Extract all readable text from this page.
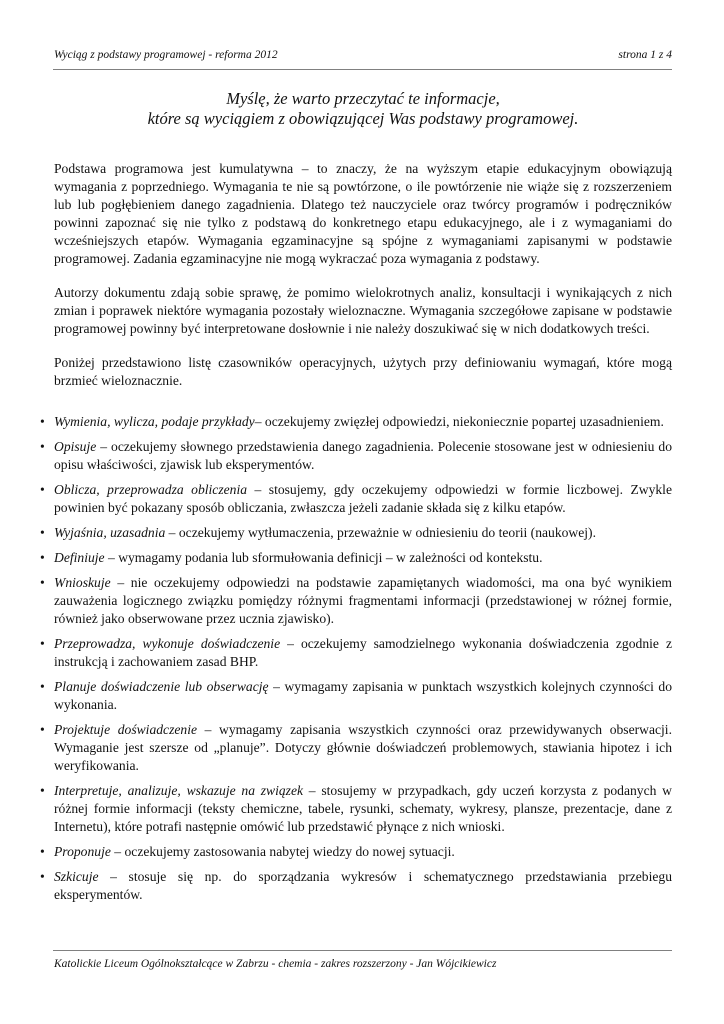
Wyciąg z podstawy programowej - reforma 2012	strona 1 z 4
Myślę, że warto przeczytać te informacje,
które są wyciągiem z obowiązującej Was podstawy programowej.

Podstawa programowa jest kumulatywna – to znaczy, że na wyższym etapie edukacyjnym obowiązują wymagania z poprzedniego. Wymagania te nie są powtórzone, o ile powtórzenie nie wiąże się z rozszerzeniem lub lub pogłębieniem danego zagadnienia. Dlatego też nauczyciele oraz twórcy programów i podręczników powinni zapoznać się nie tylko z podstawą do konkretnego etapu edukacyjnego, ale i z wymaganiami do wcześniejszych etapów. Wymagania egzaminacyjne są spójne z wymaganiami zapisanymi w podstawie programowej. Zadania egzaminacyjne nie mogą wykraczać poza wymagania z podstawy.

Autorzy dokumentu zdają sobie sprawę, że pomimo wielokrotnych analiz, konsultacji i wynikających z nich zmian i poprawek niektóre wymagania pozostały wieloznaczne. Wymagania szczegółowe zapisane w podstawie programowej powinny być interpretowane dosłownie i nie należy doszukiwać się w nich dodatkowych treści.

Poniżej przedstawiono listę czasowników operacyjnych, użytych przy definiowaniu wymagań, które mogą brzmieć wieloznacznie.

• Wymienia, wylicza, podaje przykłady– oczekujemy zwięzłej odpowiedzi, niekoniecznie popartej uzasadnieniem.
• Opisuje – oczekujemy słownego przedstawienia danego zagadnienia. Polecenie stosowane jest w odniesieniu do opisu właściwości, zjawisk lub eksperymentów.
• Oblicza, przeprowadza obliczenia – stosujemy, gdy oczekujemy odpowiedzi w formie liczbowej. Zwykle powinien być pokazany sposób obliczania, zwłaszcza jeżeli zadanie składa się z kilku etapów.
• Wyjaśnia, uzasadnia – oczekujemy wytłumaczenia, przeważnie w odniesieniu do teorii (naukowej).
• Definiuje – wymagamy podania lub sformułowania definicji – w zależności od kontekstu.
• Wnioskuje – nie oczekujemy odpowiedzi na podstawie zapamiętanych wiadomości, ma ona być wynikiem zauważenia logicznego związku pomiędzy różnymi fragmentami informacji (przedstawionej w różnej formie, również jako obserwowane przez ucznia zjawisko).
• Przeprowadza, wykonuje doświadczenie – oczekujemy samodzielnego wykonania doświadczenia zgodnie z instrukcją i zachowaniem zasad BHP.
• Planuje doświadczenie lub obserwację – wymagamy zapisania w punktach wszystkich kolejnych czynności do wykonania.
• Projektuje doświadczenie – wymagamy zapisania wszystkich czynności oraz przewidywanych obserwacji. Wymaganie jest szersze od „planuje”. Dotyczy głównie doświadczeń problemowych, stawiania hipotez i ich weryfikowania.
• Interpretuje, analizuje, wskazuje na związek – stosujemy w przypadkach, gdy uczeń korzysta z podanych w różnej formie informacji (teksty chemiczne, tabele, rysunki, schematy, wykresy, plansze, prezentacje, dane z Internetu), które potrafi następnie omówić lub przedstawić płynące z nich wnioski.
• Proponuje – oczekujemy zastosowania nabytej wiedzy do nowej sytuacji.
• Szkicuje – stosuje się np. do sporządzania wykresów i schematycznego przedstawiania przebiegu eksperymentów.
Katolickie Liceum Ogólnokształcące w Zabrzu - chemia - zakres rozszerzony - Jan Wójcikiewicz
